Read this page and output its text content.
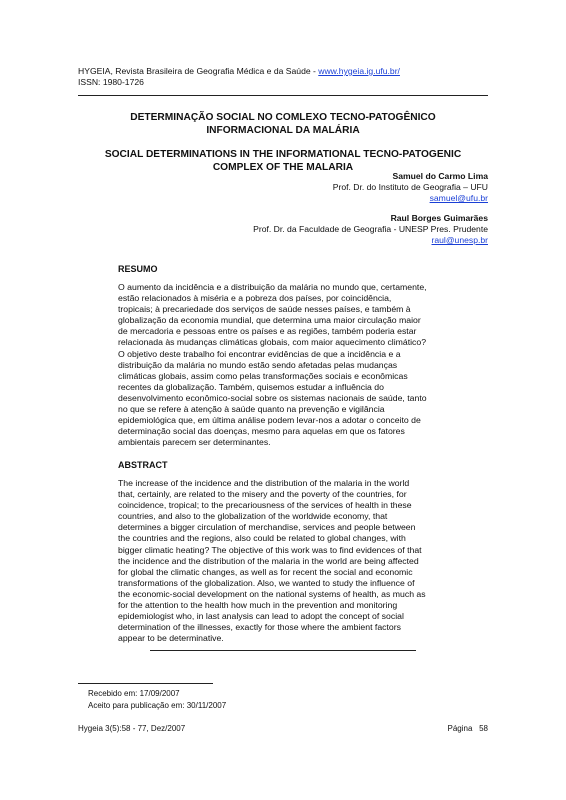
HYGEIA, Revista Brasileira de Geografia Médica e da Saúde - www.hygeia.ig.ufu.br/
ISSN: 1980-1726
DETERMINAÇÃO SOCIAL NO COMLEXO TECNO-PATOGÊNICO
INFORMACIONAL DA MALÁRIA
SOCIAL DETERMINATIONS IN THE INFORMATIONAL TECNO-PATOGENIC
COMPLEX OF THE MALARIA
Samuel do Carmo Lima
Prof. Dr. do Instituto de Geografia – UFU
samuel@ufu.br
Raul Borges Guimarães
Prof. Dr. da Faculdade de Geografia - UNESP Pres. Prudente
raul@unesp.br
RESUMO
O aumento da incidência e a distribuição da malária no mundo que, certamente,
estão relacionados à miséria e a pobreza dos países, por coincidência,
tropicais; à precariedade dos serviços de saúde nesses países, e também à
globalização da economia mundial, que determina uma maior circulação maior
de mercadoria e pessoas entre os países e as regiões, também poderia estar
relacionada às mudanças climáticas globais, com maior aquecimento climático?
O objetivo deste trabalho foi encontrar evidências de que a incidência e a
distribuição da malária no mundo estão sendo afetadas pelas mudanças
climáticas globais, assim como pelas transformações sociais e econômicas
recentes da globalização. Também, quisemos estudar a influência do
desenvolvimento econômico-social sobre os sistemas nacionais de saúde, tanto
no que se refere à atenção à saúde quanto na prevenção e vigilância
epidemiológica que, em última análise podem levar-nos a adotar o conceito de
determinação social das doenças, mesmo para aquelas em que os fatores
ambientais parecem ser determinantes.
ABSTRACT
The increase of the incidence and the distribution of the malaria in the world
that, certainly, are related to the misery and the poverty of the countries, for
coincidence, tropical; to the precariousness of the services of health in these
countries, and also to the globalization of the worldwide economy, that
determines a bigger circulation of merchandise, services and people between
the countries and the regions, also could be related to global changes, with
bigger climatic heating? The objective of this work was to find evidences of that
the incidence and the distribution of the malaria in the world are being affected
for global the climatic changes, as well as for recent the social and economic
transformations of the globalization. Also, we wanted to study the influence of
the economic-social development on the national systems of health, as much as
for the attention to the health how much in the prevention and monitoring
epidemiologist who, in last analysis can lead to adopt the concept of social
determination of the illnesses, exactly for those where the ambient factors
appear to be determinative.
Recebido em: 17/09/2007
Aceito para publicação em: 30/11/2007
Hygeia 3(5):58 - 77, Dez/2007	Página   58
